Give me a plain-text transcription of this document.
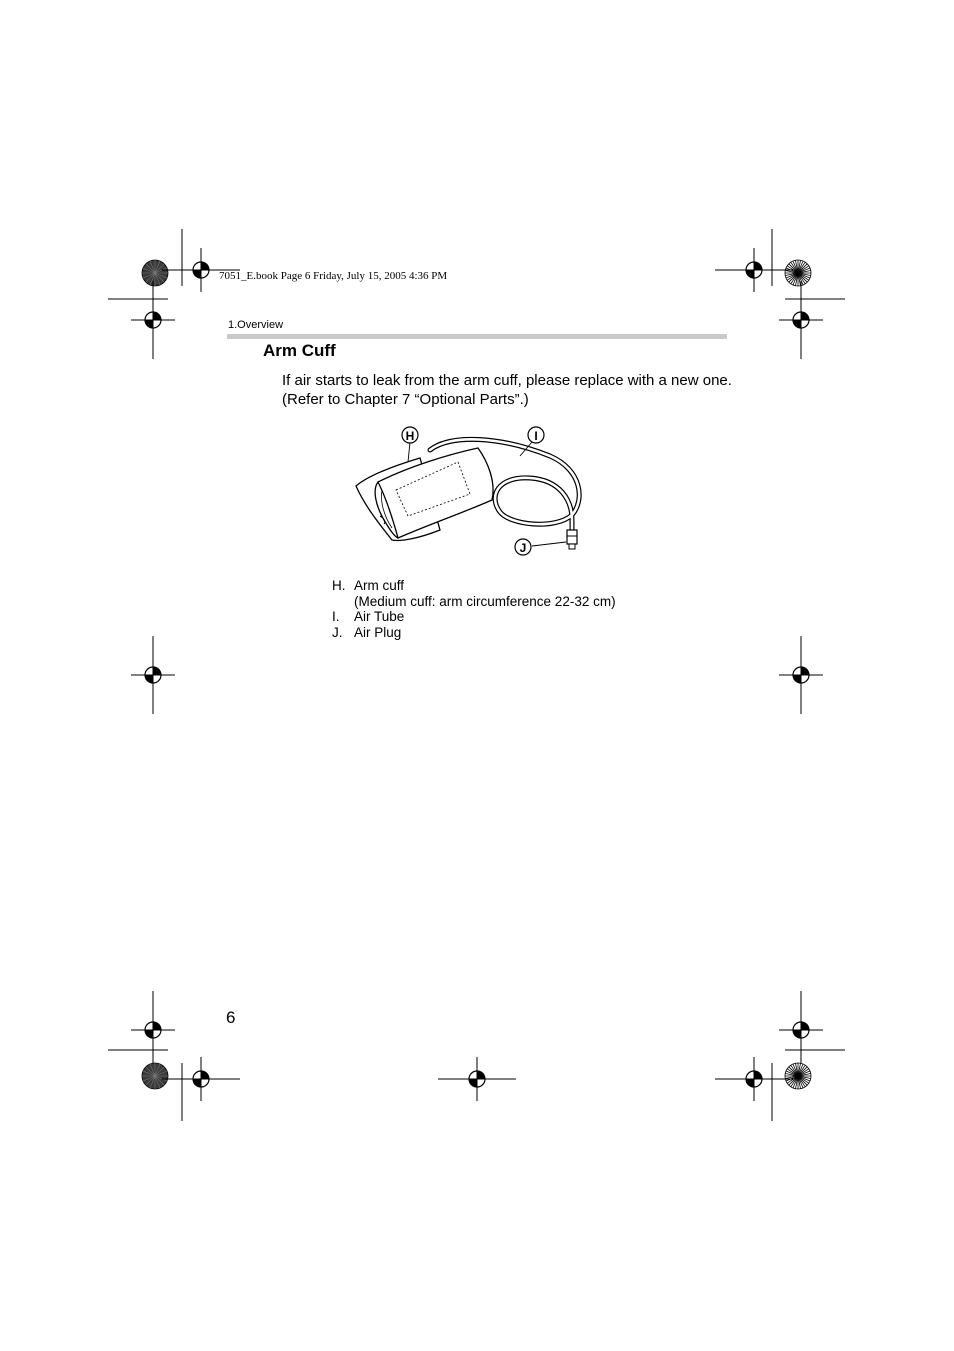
7051_E.book Page 6 Friday, July 15, 2005 4:36 PM
1.Overview
Arm Cuff
If air starts to leak from the arm cuff, please replace with a new one. (Refer to Chapter 7 “Optional Parts”.)
H	I
J
H. Arm cuff
(Medium cuff: arm circumference 22-32 cm)
I.	Air Tube
J. Air Plug
6
